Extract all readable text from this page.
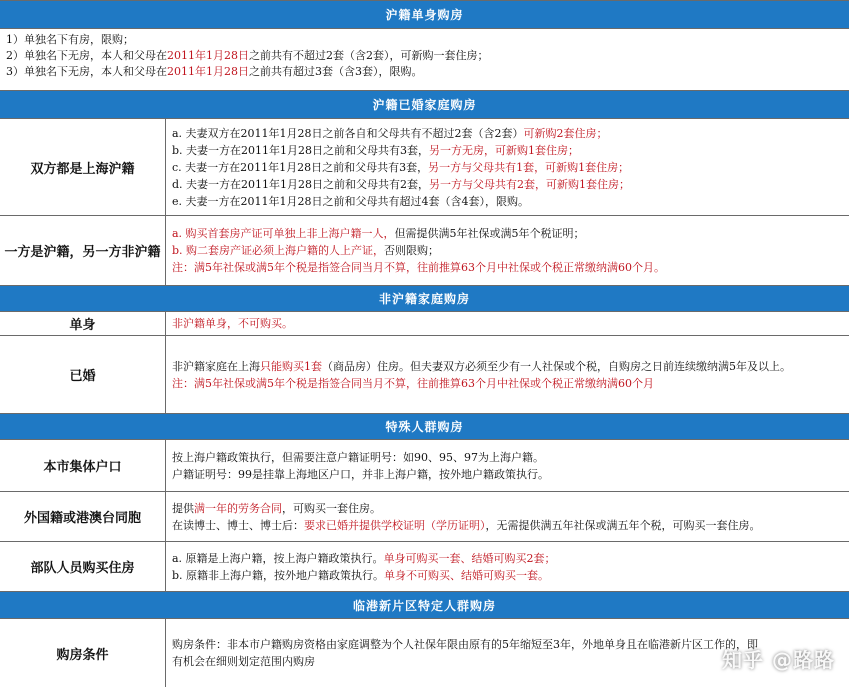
沪籍单身购房
1）单独名下有房，限购；
2）单独名下无房，本人和父母在2011年1月28日之前共有不超过2套（含2套），可新购一套住房；
3）单独名下无房，本人和父母在2011年1月28日之前共有超过3套（含3套），限购。
沪籍已婚家庭购房
双方都是上海沪籍
a. 夫妻双方在2011年1月28日之前各自和父母共有不超过2套（含2套）可新购2套住房；
b. 夫妻一方在2011年1月28日之前和父母共有3套，另一方无房，可新购1套住房；
c. 夫妻一方在2011年1月28日之前和父母共有3套，另一方与父母共有1套，可新购1套住房；
d. 夫妻一方在2011年1月28日之前和父母共有2套，另一方与父母共有2套，可新购1套住房；
e. 夫妻一方在2011年1月28日之前和父母共有超过4套（含4套），限购。
一方是沪籍，另一方非沪籍
a. 购买首套房产证可单独上非上海户籍一人，但需提供满5年社保或满5年个税证明；
b. 购二套房产证必须上海户籍的人上产证，否则限购；
注：满5年社保或满5年个税是指签合同当月不算，往前推算63个月中社保或个税正常缴纳满60个月。
非沪籍家庭购房
单身	非沪籍单身，不可购买。
已婚
非沪籍家庭在上海只能购买1套（商品房）住房。但夫妻双方必须至少有一人社保或个税，自购房之日前连续缴纳满5年及以上。
注：满5年社保或满5年个税是指签合同当月不算，往前推算63个月中社保或个税正常缴纳满60个月
特殊人群购房
本市集体户口
按上海户籍政策执行，但需要注意户籍证明号：如90、95、97为上海户籍。
户籍证明号：99是挂靠上海地区户口，并非上海户籍，按外地户籍政策执行。
外国籍或港澳台同胞
提供满一年的劳务合同，可购买一套住房。
在读博士、博士、博士后：要求已婚并提供学校证明（学历证明），无需提供满五年社保或满五年个税，可购买一套住房。
部队人员购买住房
a. 原籍是上海户籍，按上海户籍政策执行。单身可购买一套、结婚可购买2套；
b. 原籍非上海户籍，按外地户籍政策执行。单身不可购买、结婚可购买一套。
临港新片区特定人群购房
购房条件
购房条件：非本市户籍购房资格由家庭调整为个人社保年限由原有的5年缩短至3年，外地单身且在临港新片区工作的，即
有机会在细则划定范围内购房	知乎 @路路
